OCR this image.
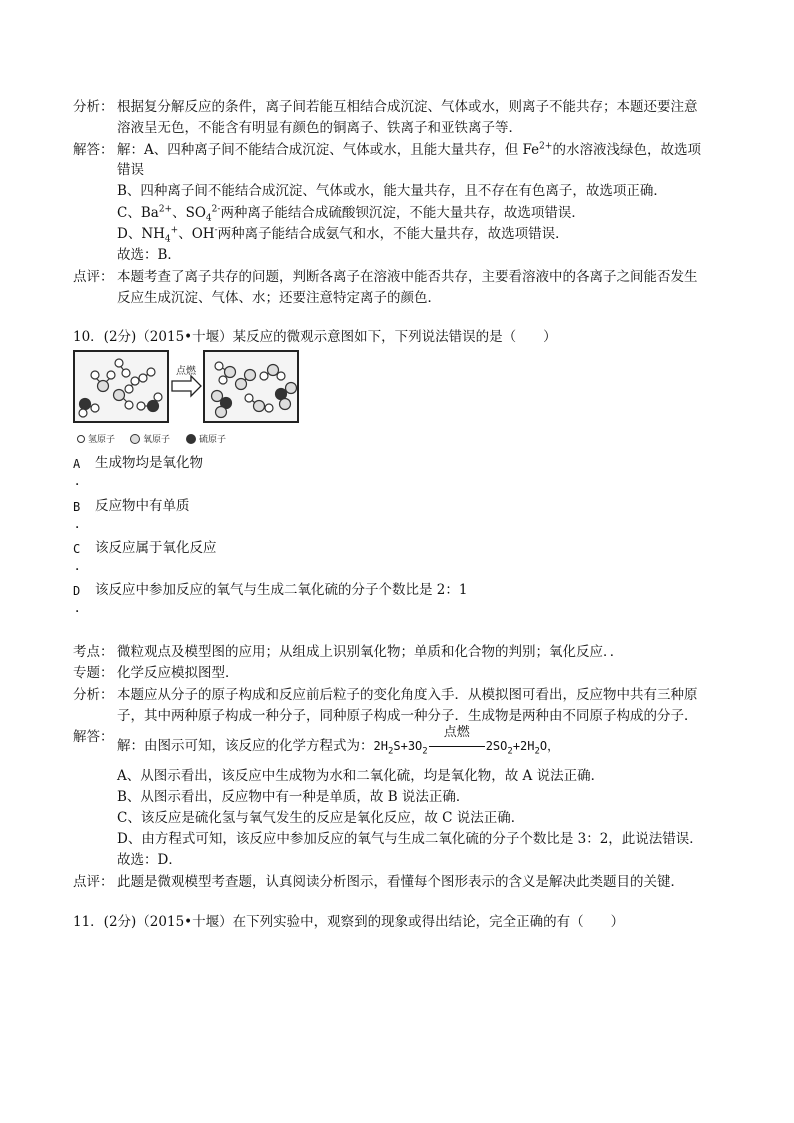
分析： 根据复分解反应的条件，离子间若能互相结合成沉淀、气体或水，则离子不能共存；本题还要注意
溶液呈无色，不能含有明显有颜色的铜离子、铁离子和亚铁离子等．
解答： 解：A、四种离子间不能结合成沉淀、气体或水，且能大量共存，但 $Fe^{2+}$的水溶液浅绿色，故选项
错误
B、四种离子间不能结合成沉淀、气体或水，能大量共存，且不存在有色离子，故选项正确．
C、$Ba^{2+}$、$SO_4^{2-}$两种离子能结合成硫酸钡沉淀，不能大量共存，故选项错误．
D、$NH_4^+$、OH-两种离子能结合成氨气和水，不能大量共存，故选项错误．
故选：B．
点评： 本题考查了离子共存的问题，判断各离子在溶液中能否共存，主要看溶液中的各离子之间能否发生
反应生成沉淀、气体、水；还要注意特定离子的颜色．
10．(2分)（2015•十堰）某反应的微观示意图如下，下列说法错误的是（　　）
点燃
氢原子	氧原子	硫原子
A 生成物均是氧化物
．
B 反应物中有单质
．
C 该反应属于氧化反应
．
D 该反应中参加反应的氧气与生成二氧化硫的分子个数比是 2：1
．
考点： 微粒观点及模型图的应用；从组成上识别氧化物；单质和化合物的判别；氧化反应．．
专题： 化学反应模拟图型．
分析： 本题应从分子的原子构成和反应前后粒子的变化角度入手．从模拟图可看出，反应物中共有三种原
子，其中两种原子构成一种分子，同种原子构成一种分子．生成物是两种由不同原子构成的分子．
解答：
解：由图示可知，该反应的化学方程式为：$2H_2S+3O_2$
点燃
$2SO_2+2H_2O$，
A、从图示看出，该反应中生成物为水和二氧化硫，均是氧化物，故 A 说法正确．
B、从图示看出，反应物中有一种是单质，故 B 说法正确．
C、该反应是硫化氢与氧气发生的反应是氧化反应，故 C 说法正确．
D、由方程式可知，该反应中参加反应的氧气与生成二氧化硫的分子个数比是 3：2，此说法错误．
故选：D．
点评： 此题是微观模型考查题，认真阅读分析图示，看懂每个图形表示的含义是解决此类题目的关键．
11．(2分)（2015•十堰）在下列实验中，观察到的现象或得出结论，完全正确的有（　　）
